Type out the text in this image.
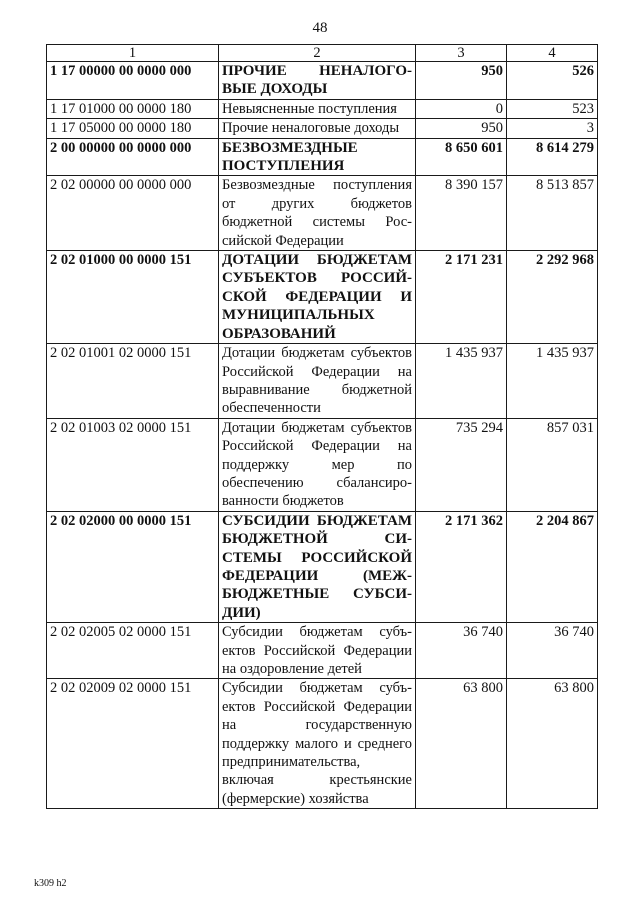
48
1	2	3	4
1 17 00000 00 0000 000	ПРОЧИЕ НЕНАЛОГОВЫЕ ДОХОДЫ	950	526
1 17 01000 00 0000 180	Невыясненные поступления	0	523
1 17 05000 00 0000 180	Прочие неналоговые доходы	950	3
2 00 00000 00 0000 000	БЕЗВОЗМЕЗДНЫЕ ПОСТУПЛЕНИЯ	8 650 601	8 614 279
2 02 00000 00 0000 000	Безвозмездные поступления от других бюджетов бюджетной системы Российской Федерации	8 390 157	8 513 857
2 02 01000 00 0000 151	ДОТАЦИИ БЮДЖЕТАМ СУБЪЕКТОВ РОССИЙСКОЙ ФЕДЕРАЦИИ И МУНИЦИПАЛЬНЫХ ОБРАЗОВАНИЙ	2 171 231	2 292 968
2 02 01001 02 0000 151	Дотации бюджетам субъектов Российской Федерации на выравнивание бюджетной обеспеченности	1 435 937	1 435 937
2 02 01003 02 0000 151	Дотации бюджетам субъектов Российской Федерации на поддержку мер по обеспечению сбалансированности бюджетов	735 294	857 031
2 02 02000 00 0000 151	СУБСИДИИ БЮДЖЕТАМ БЮДЖЕТНОЙ СИСТЕМЫ РОССИЙСКОЙ ФЕДЕРАЦИИ (МЕЖБЮДЖЕТНЫЕ СУБСИДИИ)	2 171 362	2 204 867
2 02 02005 02 0000 151	Субсидии бюджетам субъектов Российской Федерации на оздоровление детей	36 740	36 740
2 02 02009 02 0000 151	Субсидии бюджетам субъектов Российской Федерации на государственную поддержку малого и среднего предпринимательства, включая крестьянские (фермерские) хозяйства	63 800	63 800
k309 h2
